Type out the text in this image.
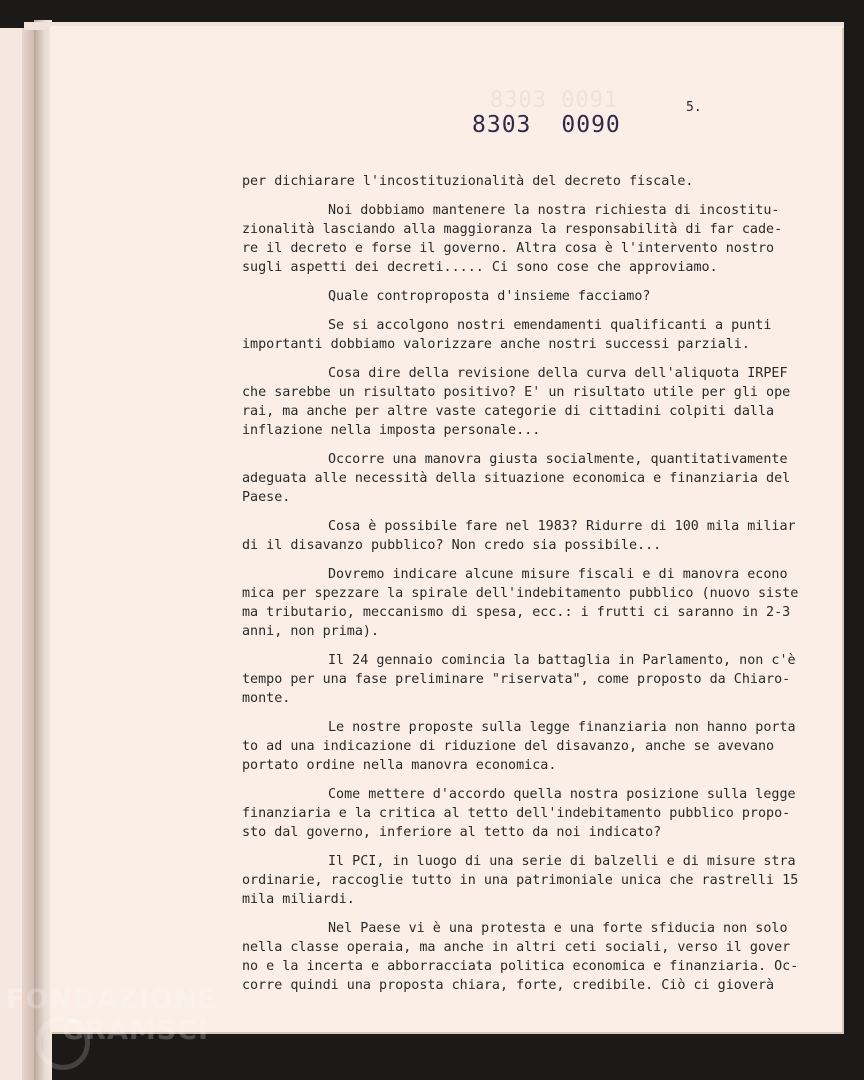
8303 0091
8303 0090
5.
per dichiarare l'incostituzionalità del decreto fiscale.
Noi dobbiamo mantenere la nostra richiesta di incostitu-
zionalità lasciando alla maggioranza la responsabilità di far cade-
re il decreto e forse il governo. Altra cosa è l'intervento nostro
sugli aspetti dei decreti..... Ci sono cose che approviamo.
Quale controproposta d'insieme facciamo?
Se si accolgono nostri emendamenti qualificanti a punti
importanti dobbiamo valorizzare anche nostri successi parziali.
Cosa dire della revisione della curva dell'aliquota IRPEF
che sarebbe un risultato positivo? E' un risultato utile per gli ope
rai, ma anche per altre vaste categorie di cittadini colpiti dalla
inflazione nella imposta personale...
Occorre una manovra giusta socialmente, quantitativamente
adeguata alle necessità della situazione economica e finanziaria del
Paese.
Cosa è possibile fare nel 1983? Ridurre di 100 mila miliar
di il disavanzo pubblico? Non credo sia possibile...
Dovremo indicare alcune misure fiscali e di manovra econo
mica per spezzare la spirale dell'indebitamento pubblico (nuovo siste
ma tributario, meccanismo di spesa, ecc.: i frutti ci saranno in 2-3
anni, non prima).
Il 24 gennaio comincia la battaglia in Parlamento, non c'è
tempo per una fase preliminare "riservata", come proposto da Chiaro-
monte.
Le nostre proposte sulla legge finanziaria non hanno porta
to ad una indicazione di riduzione del disavanzo, anche se avevano
portato ordine nella manovra economica.
Come mettere d'accordo quella nostra posizione sulla legge
finanziaria e la critica al tetto dell'indebitamento pubblico propo-
sto dal governo, inferiore al tetto da noi indicato?
Il PCI, in luogo di una serie di balzelli e di misure stra
ordinarie, raccoglie tutto in una patrimoniale unica che rastrelli 15
mila miliardi.
Nel Paese vi è una protesta e una forte sfiducia non solo
nella classe operaia, ma anche in altri ceti sociali, verso il gover
no e la incerta e abborracciata politica economica e finanziaria. Oc-
corre quindi una proposta chiara, forte, credibile. Ciò ci gioverà
FONDAZIONE
GRAMSCI
